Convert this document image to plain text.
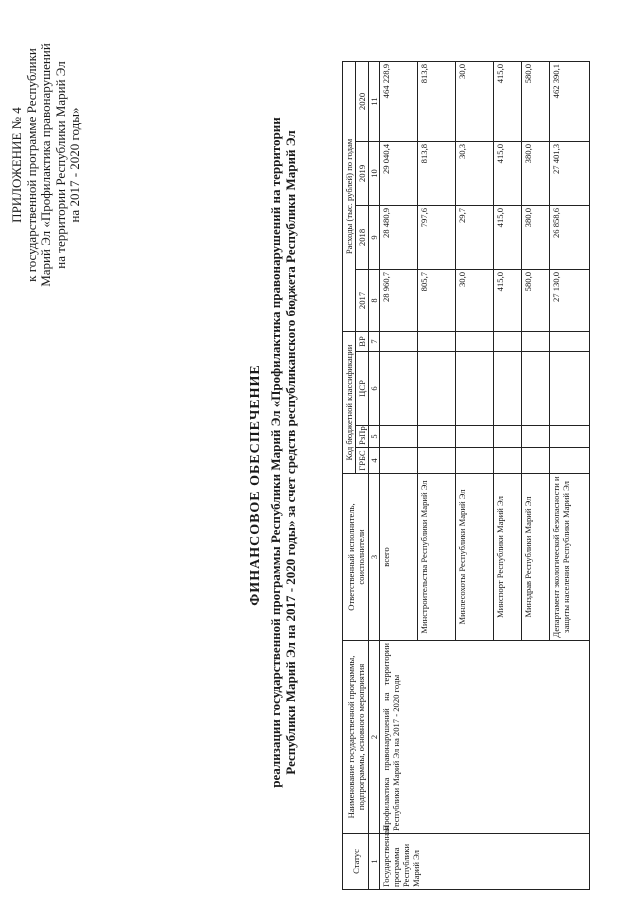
ПРИЛОЖЕНИЕ № 4 к государственной программе Республики Марий Эл «Профилактика правонарушений на территории Республики Марий Эл на 2017 - 2020 годы»
ФИНАНСОВОЕ ОБЕСПЕЧЕНИЕ реализации государственной программы Республики Марий Эл «Профилактика правонарушений на территории Республики Марий Эл на 2017 - 2020 годы» за счет средств республиканского бюджета Республики Марий Эл
Статус	Наименование государственной программы, подпрограммы, основного мероприятия	Ответственный исполнитель, соисполнители	Код бюджетной классификации				Расходы (тыс. рублей) по годам			
			ГРБС	РзПр	ЦСР	ВР	2017	2018	2019	2020
1	2	3	4	5	6	7	8	9	10	11
Государственная программа Республики Марий Эл	Профилактика правонарушений на территории Республики Марий Эл на 2017 - 2020 годы	всего					28 960,7	28 480,9	29 040,4	464 228,9
		Минстроительства Республики Марий Эл					805,7	797,6	813,8	813,8
		Минлесохоты Республики Марий Эл					30,0	29,7	30,3	30,0
		Минспорт Республики Марий Эл					415,0	415,0	415,0	415,0
		Минздрав Республики Марий Эл					580,0	380,0	380,0	580,0
		Департамент экологической безопасности и защиты населения Республики Марий Эл					27 130,0	26 858,6	27 401,3	462 390,1
